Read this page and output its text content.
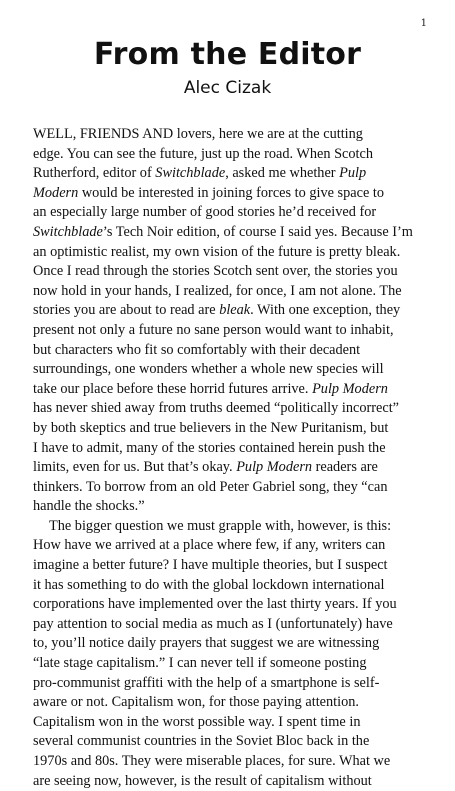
1
From the Editor
Alec Cizak
WELL, FRIENDS AND lovers, here we are at the cutting
edge. You can see the future, just up the road. When Scotch
Rutherford, editor of Switchblade, asked me whether Pulp
Modern would be interested in joining forces to give space to
an especially large number of good stories he’d received for
Switchblade’s Tech Noir edition, of course I said yes. Because I’m
an optimistic realist, my own vision of the future is pretty bleak.
Once I read through the stories Scotch sent over, the stories you
now hold in your hands, I realized, for once, I am not alone. The
stories you are about to read are bleak. With one exception, they
present not only a future no sane person would want to inhabit,
but characters who fit so comfortably with their decadent
surroundings, one wonders whether a whole new species will
take our place before these horrid futures arrive. Pulp Modern
has never shied away from truths deemed “politically incorrect”
by both skeptics and true believers in the New Puritanism, but
I have to admit, many of the stories contained herein push the
limits, even for us. But that’s okay. Pulp Modern readers are
thinkers. To borrow from an old Peter Gabriel song, they “can
handle the shocks.”
The bigger question we must grapple with, however, is this:
How have we arrived at a place where few, if any, writers can
imagine a better future? I have multiple theories, but I suspect
it has something to do with the global lockdown international
corporations have implemented over the last thirty years. If you
pay attention to social media as much as I (unfortunately) have
to, you’ll notice daily prayers that suggest we are witnessing
“late stage capitalism.” I can never tell if someone posting
pro-communist graffiti with the help of a smartphone is self-
aware or not. Capitalism won, for those paying attention.
Capitalism won in the worst possible way. I spent time in
several communist countries in the Soviet Bloc back in the
1970s and 80s. They were miserable places, for sure. What we
are seeing now, however, is the result of capitalism without
